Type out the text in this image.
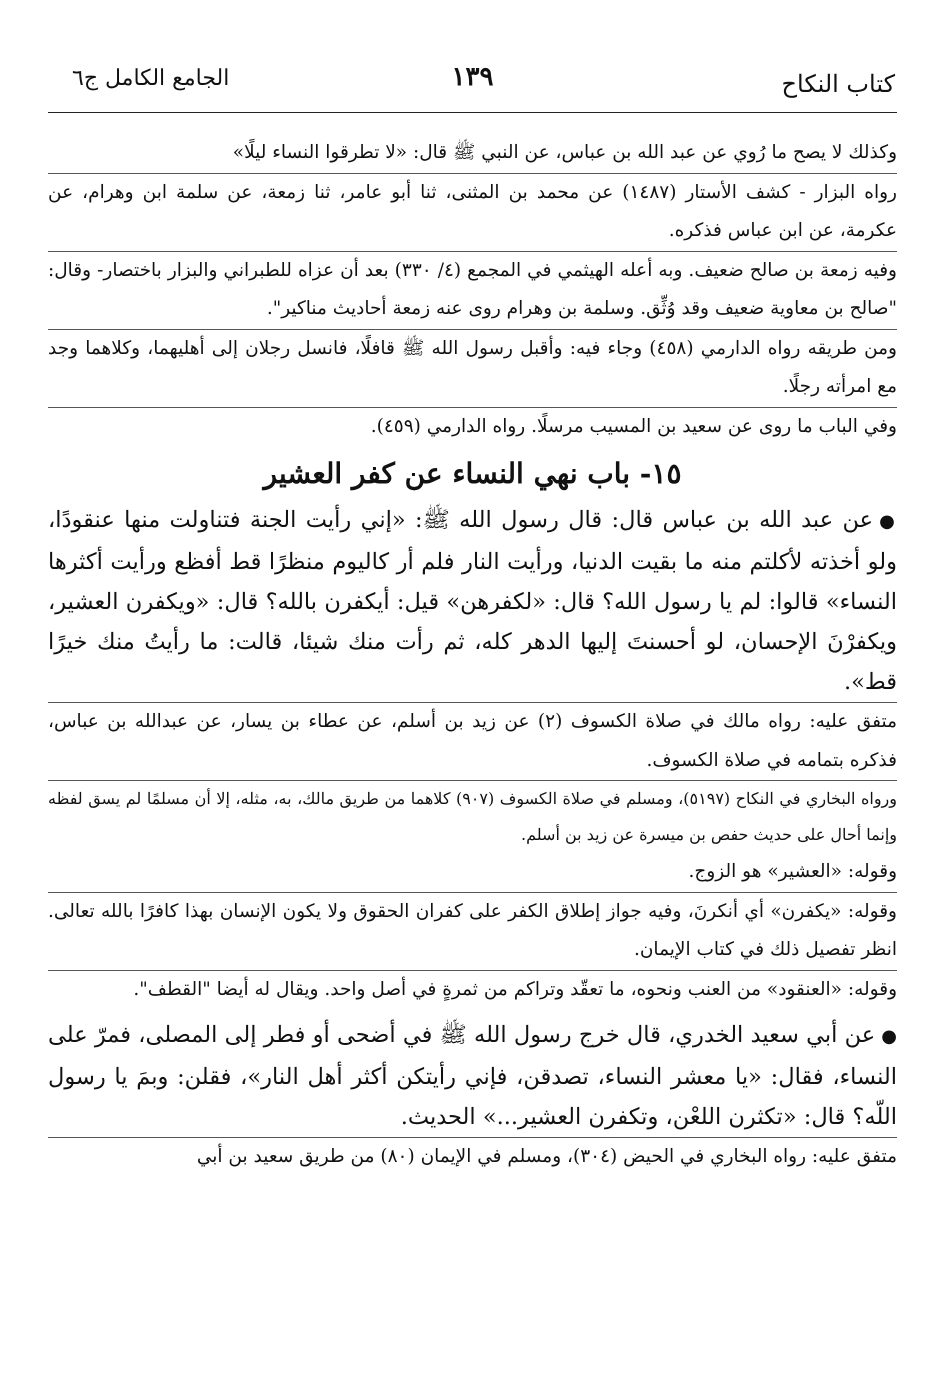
كتاب النكاح
١٣٩
الجامع الكامل ج٦

وكذلك لا يصح ما رُوي عن عبد الله بن عباس، عن النبي ﷺ قال: «لا تطرقوا النساء ليلًا»

رواه البزار - كشف الأستار (١٤٨٧) عن محمد بن المثنى، ثنا أبو عامر، ثنا زمعة، عن سلمة ابن وهرام، عن عكرمة، عن ابن عباس فذكره.

وفيه زمعة بن صالح ضعيف. وبه أعله الهيثمي في المجمع (٤/ ٣٣٠) بعد أن عزاه للطبراني والبزار باختصار- وقال: "صالح بن معاوية ضعيف وقد وُثِّق. وسلمة بن وهرام روى عنه زمعة أحاديث مناكير".

ومن طريقه رواه الدارمي (٤٥٨) وجاء فيه: وأقبل رسول الله ﷺ قافلًا، فانسل رجلان إلى أهليهما، وكلاهما وجد مع امرأته رجلًا.

وفي الباب ما روى عن سعيد بن المسيب مرسلًا. رواه الدارمي (٤٥٩).

١٥- باب نهي النساء عن كفر العشير

●عن عبد الله بن عباس قال: قال رسول الله ﷺ: «إني رأيت الجنة فتناولت منها عنقودًا، ولو أخذته لأكلتم منه ما بقيت الدنيا، ورأيت النار فلم أر كاليوم منظرًا قط أفظع ورأيت أكثرها النساء» قالوا: لم يا رسول الله؟ قال: «لكفرهن» قيل: أيكفرن بالله؟ قال: «ويكفرن العشير، ويكفرْنَ الإحسان، لو أحسنتَ إليها الدهر كله، ثم رأت منك شيئا، قالت: ما رأيتُ منك خيرًا قط».

متفق عليه: رواه مالك في صلاة الكسوف (٢) عن زيد بن أسلم، عن عطاء بن يسار، عن عبدالله بن عباس، فذكره بتمامه في صلاة الكسوف.

ورواه البخاري في النكاح (٥١٩٧)، ومسلم في صلاة الكسوف (٩٠٧) كلاهما من طريق مالك، به، مثله، إلا أن مسلمًا لم يسق لفظه وإنما أحال على حديث حفص بن ميسرة عن زيد بن أسلم.

وقوله: «العشير» هو الزوج.

وقوله: «يكفرن» أي أنكرنَ، وفيه جواز إطلاق الكفر على كفران الحقوق ولا يكون الإنسان بهذا كافرًا بالله تعالى. انظر تفصيل ذلك في كتاب الإيمان.

وقوله: «العنقود» من العنب ونحوه، ما تعقّد وتراكم من ثمرةٍ في أصل واحد. ويقال له أيضا "القطف".

●عن أبي سعيد الخدري، قال خرج رسول الله ﷺ في أضحى أو فطر إلى المصلى، فمرّ على النساء، فقال: «يا معشر النساء، تصدقن، فإني رأيتكن أكثر أهل النار»، فقلن: وبمَ يا رسول اللّه؟ قال: «تكثرن اللعْن، وتكفرن العشير...» الحديث.

متفق عليه: رواه البخاري في الحيض (٣٠٤)، ومسلم في الإيمان (٨٠) من طريق سعيد بن أبي
